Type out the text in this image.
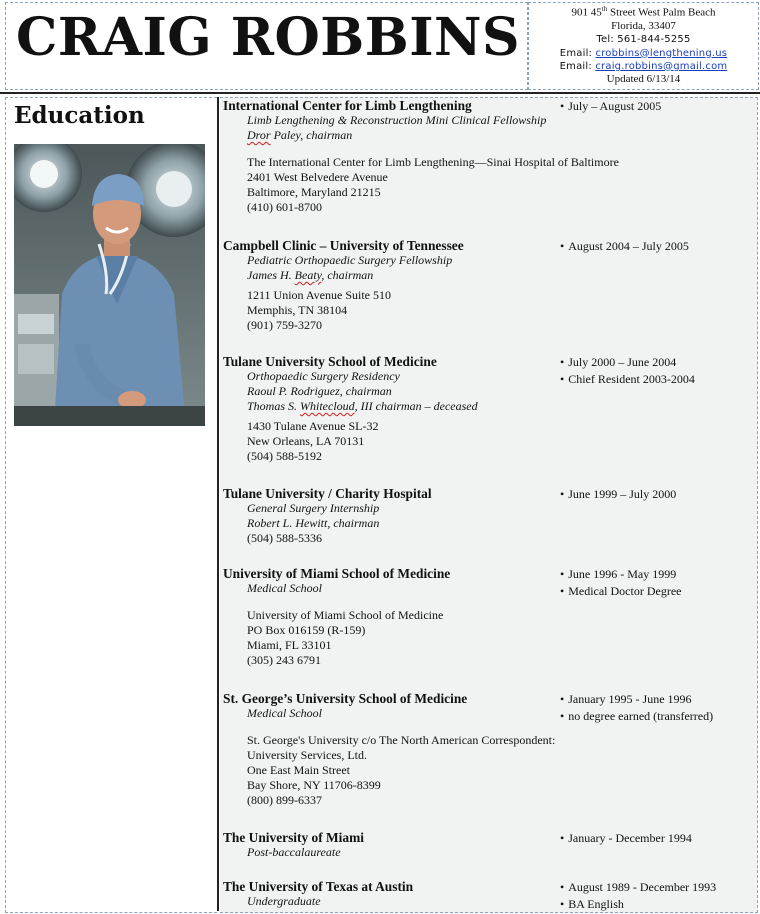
CRAIG ROBBINS	901 45th Street West Palm Beach
Florida, 33407
Tel: 561-844-5255
Email: crobbins@lengthening.us
Email: craig.robbins@gmail.com
Updated 6/13/14
Education	International Center for Limb Lengthening
Limb Lengthening & Reconstruction Mini Clinical Fellowship
Dror Paley, chairman
The International Center for Limb Lengthening—Sinai Hospital of Baltimore
2401 West Belvedere Avenue
Baltimore, Maryland 21215
(410) 601-8700
• July – August 2005
Campbell Clinic – University of Tennessee
Pediatric Orthopaedic Surgery Fellowship
James H. Beaty, chairman
1211 Union Avenue Suite 510
Memphis, TN 38104
(901) 759-3270
• August 2004 – July 2005
Tulane University School of Medicine
Orthopaedic Surgery Residency
Raoul P. Rodriguez, chairman
Thomas S. Whitecloud, III chairman – deceased
1430 Tulane Avenue SL-32
New Orleans, LA 70131
(504) 588-5192
• July 2000 – June 2004
• Chief Resident 2003-2004
Tulane University / Charity Hospital
General Surgery Internship
Robert L. Hewitt, chairman
(504) 588-5336
• June 1999 – July 2000
University of Miami School of Medicine
Medical School
University of Miami School of Medicine
PO Box 016159 (R-159)
Miami, FL 33101
(305) 243 6791
• June 1996 - May 1999
• Medical Doctor Degree
St. George’s University School of Medicine
Medical School
St. George's University c/o The North American Correspondent:
University Services, Ltd.
One East Main Street
Bay Shore, NY 11706-8399
(800) 899-6337
• January 1995 - June 1996
• no degree earned (transferred)
The University of Miami
Post-baccalaureate
• January - December 1994
The University of Texas at Austin
Undergraduate
• August 1989 - December 1993
• BA English
